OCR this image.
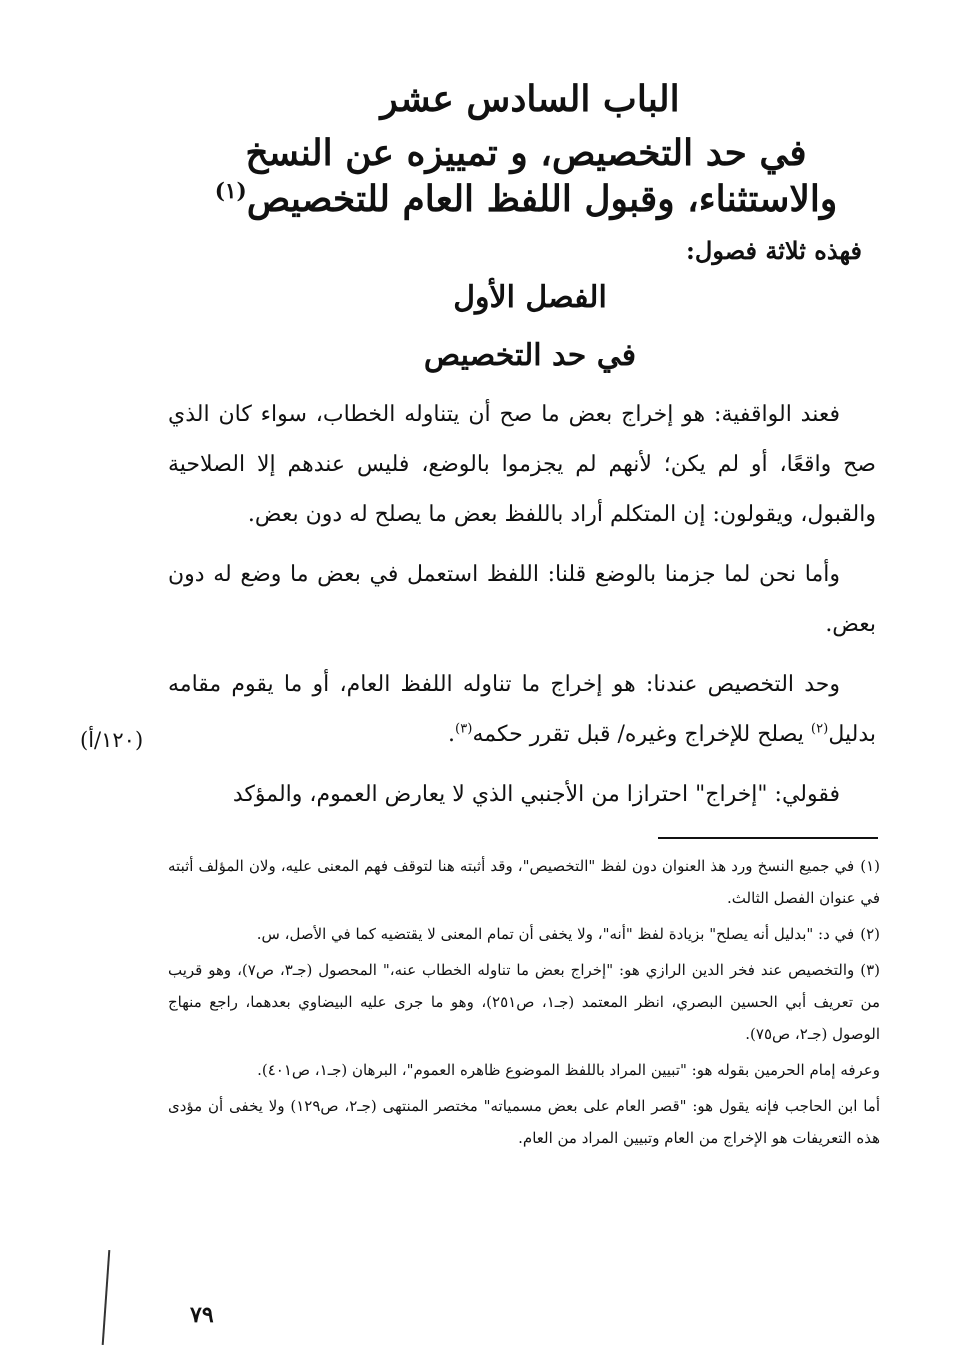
الباب السادس عشر
في حد التخصيص، و تمييزه عن النسخ والاستثناء، وقبول اللفظ العام للتخصيص$^{(١)}$
فهذه ثلاثة فصول:
الفصل الأول
في حد التخصيص

فعند الواقفية: هو إخراج بعض ما صح أن يتناوله الخطاب، سواء كان الذي صح واقعًا، أو لم يكن؛ لأنهم لم يجزموا بالوضع، فليس عندهم إلا الصلاحية والقبول، ويقولون: إن المتكلم أراد باللفظ بعض ما يصلح له دون بعض.

وأما نحن لما جزمنا بالوضع قلنا: اللفظ استعمل في بعض ما وضع له دون بعض.

وحد التخصيص عندنا: هو إخراج ما تناوله اللفظ العام، أو ما يقوم مقامه بدليل$^{(٢)}$ يصلح للإخراج وغيره/ قبل تقرر حكمه$^{(٣)}$.

فقولي: "إخراج" احترازا من الأجنبي الذي لا يعارض العموم، والمؤكد

(١٢٠/أ)

(١)في جميع النسخ ورد هذ العنوان دون لفظ "التخصيص"، وقد أثبته هنا لتوقف فهم المعنى عليه، ولان المؤلف أثبته في عنوان الفصل الثالث.

(٢)في د: "بدليل أنه يصلح" بزيادة لفظ "أنه"، ولا يخفى أن تمام المعنى لا يقتضيه كما في الأصل، س.

(٣)والتخصيص عند فخر الدين الرازي هو: "إخراج بعض ما تناوله الخطاب عنه،" المحصول (جـ٣، ص٧)، وهو قريب من تعريف أبي الحسين البصري، انظر المعتمد (جـ١، ص٢٥١)، وهو ما جرى عليه البيضاوي بعدهما، راجع منهاج الوصول (جـ٢، ص٧٥).

وعرفه إمام الحرمين بقوله هو: "تبيين المراد باللفظ الموضوع ظاهره العموم"، البرهان (جـ١، ص٤٠١).

أما ابن الحاجب فإنه يقول هو: "قصر العام على بعض مسمياته" مختصر المنتهى (جـ٢، ص١٢٩) ولا يخفى أن مؤدى هذه التعريفات هو الإخراج من العام وتبيين المراد من العام.

٧٩
